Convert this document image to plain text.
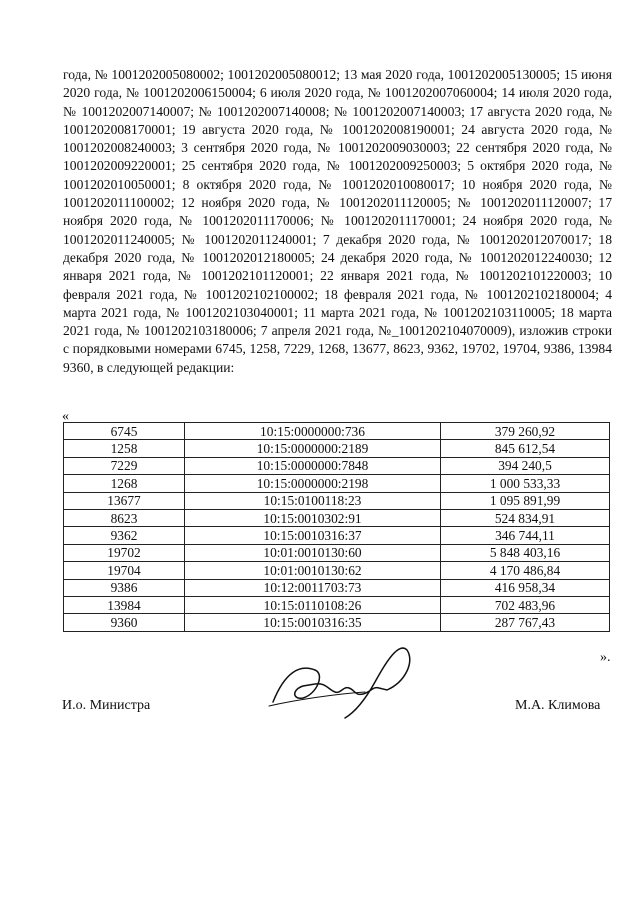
года, № 1001202005080002; 1001202005080012; 13 мая 2020 года, 1001202005130005; 15 июня 2020 года, № 1001202006150004; 6 июля 2020 года, № 1001202007060004; 14 июля 2020 года, № 1001202007140007; № 1001202007140008; № 1001202007140003; 17 августа 2020 года, № 1001202008170001; 19 августа 2020 года, № 1001202008190001; 24 августа 2020 года, № 1001202008240003; 3 сентября 2020 года, № 1001202009030003; 22 сентября 2020 года, № 1001202009220001; 25 сентября 2020 года, № 1001202009250003; 5 октября 2020 года, № 1001202010050001; 8 октября 2020 года, № 1001202010080017; 10 ноября 2020 года, № 1001202011100002; 12 ноября 2020 года, № 1001202011120005; № 1001202011120007; 17 ноября 2020 года, № 1001202011170006; № 1001202011170001; 24 ноября 2020 года, № 1001202011240005; № 1001202011240001; 7 декабря 2020 года, № 1001202012070017; 18 декабря 2020 года, № 1001202012180005; 24 декабря 2020 года, № 1001202012240030; 12 января 2021 года, № 1001202101120001; 22 января 2021 года, № 1001202101220003; 10 февраля 2021 года, № 1001202102100002; 18 февраля 2021 года, № 1001202102180004; 4 марта 2021 года, № 1001202103040001; 11 марта 2021 года, № 1001202103110005; 18 марта 2021 года, № 1001202103180006; 7 апреля 2021 года, №_1001202104070009), изложив строки с порядковыми номерами 6745, 1258, 7229, 1268, 13677, 8623, 9362, 19702, 19704, 9386, 13984 9360, в следующей редакции:
«
6745	10:15:0000000:736	379 260,92
1258	10:15:0000000:2189	845 612,54
7229	10:15:0000000:7848	394 240,5
1268	10:15:0000000:2198	1 000 533,33
13677	10:15:0100118:23	1 095 891,99
8623	10:15:0010302:91	524 834,91
9362	10:15:0010316:37	346 744,11
19702	10:01:0010130:60	5 848 403,16
19704	10:01:0010130:62	4 170 486,84
9386	10:12:0011703:73	416 958,34
13984	10:15:0110108:26	702 483,96
9360	10:15:0010316:35	287 767,43
».
И.о. Министра	М.А. Климова
